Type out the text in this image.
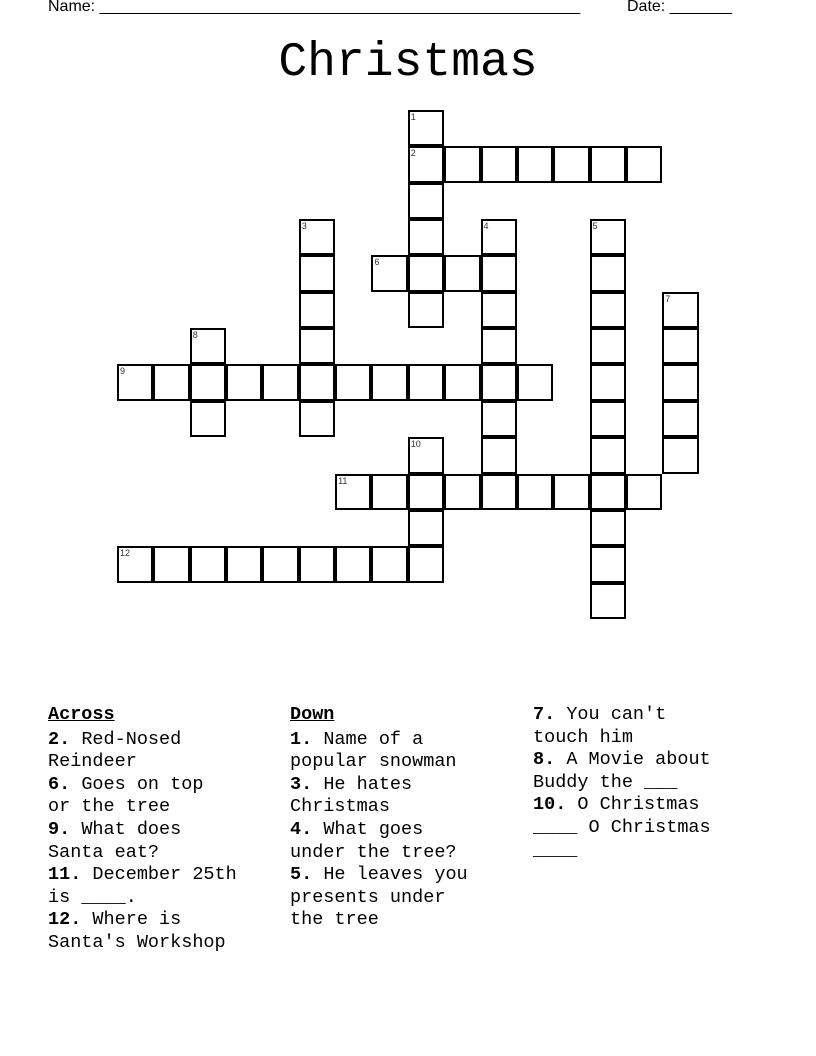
Name: ______________________________________________________	Date: _______
Christmas
2
6
9
11
12
1
3	4	5
7
8
10
Across
2. Red-Nosed
Reindeer
6. Goes on top
or the tree
9. What does
Santa eat?
11. December 25th
is ____.
12. Where is
Santa's Workshop
Down
1. Name of a
popular snowman
3. He hates
Christmas
4. What goes
under the tree?
5. He leaves you
presents under
the tree
7. You can't
touch him
8. A Movie about
Buddy the ___
10. O Christmas
____ O Christmas
____
